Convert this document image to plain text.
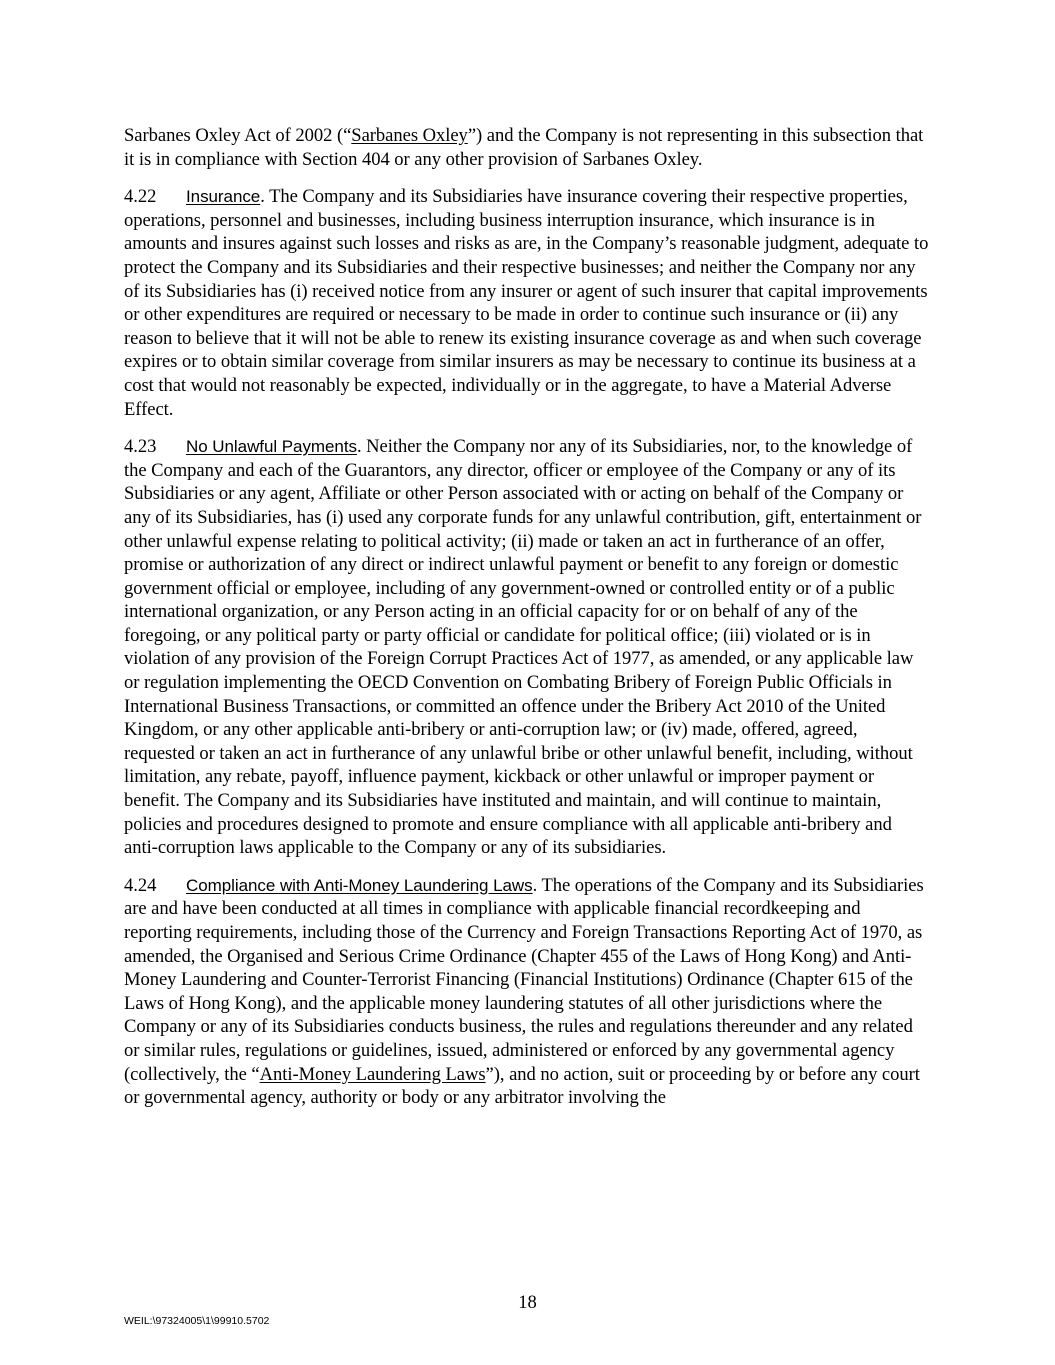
Sarbanes Oxley Act of 2002 (“Sarbanes Oxley”) and the Company is not representing in this subsection that it is in compliance with Section 404 or any other provision of Sarbanes Oxley.

4.22 Insurance. The Company and its Subsidiaries have insurance covering their respective properties, operations, personnel and businesses, including business interruption insurance, which insurance is in amounts and insures against such losses and risks as are, in the Company’s reasonable judgment, adequate to protect the Company and its Subsidiaries and their respective businesses; and neither the Company nor any of its Subsidiaries has (i) received notice from any insurer or agent of such insurer that capital improvements or other expenditures are required or necessary to be made in order to continue such insurance or (ii) any reason to believe that it will not be able to renew its existing insurance coverage as and when such coverage expires or to obtain similar coverage from similar insurers as may be necessary to continue its business at a cost that would not reasonably be expected, individually or in the aggregate, to have a Material Adverse Effect.

4.23 No Unlawful Payments. Neither the Company nor any of its Subsidiaries, nor, to the knowledge of the Company and each of the Guarantors, any director, officer or employee of the Company or any of its Subsidiaries or any agent, Affiliate or other Person associated with or acting on behalf of the Company or any of its Subsidiaries, has (i) used any corporate funds for any unlawful contribution, gift, entertainment or other unlawful expense relating to political activity; (ii) made or taken an act in furtherance of an offer, promise or authorization of any direct or indirect unlawful payment or benefit to any foreign or domestic government official or employee, including of any government-owned or controlled entity or of a public international organization, or any Person acting in an official capacity for or on behalf of any of the foregoing, or any political party or party official or candidate for political office; (iii) violated or is in violation of any provision of the Foreign Corrupt Practices Act of 1977, as amended, or any applicable law or regulation implementing the OECD Convention on Combating Bribery of Foreign Public Officials in International Business Transactions, or committed an offence under the Bribery Act 2010 of the United Kingdom, or any other applicable anti-bribery or anti-corruption law; or (iv) made, offered, agreed, requested or taken an act in furtherance of any unlawful bribe or other unlawful benefit, including, without limitation, any rebate, payoff, influence payment, kickback or other unlawful or improper payment or benefit. The Company and its Subsidiaries have instituted and maintain, and will continue to maintain, policies and procedures designed to promote and ensure compliance with all applicable anti-bribery and anti-corruption laws applicable to the Company or any of its subsidiaries.

4.24 Compliance with Anti-Money Laundering Laws. The operations of the Company and its Subsidiaries are and have been conducted at all times in compliance with applicable financial recordkeeping and reporting requirements, including those of the Currency and Foreign Transactions Reporting Act of 1970, as amended, the Organised and Serious Crime Ordinance (Chapter 455 of the Laws of Hong Kong) and Anti-Money Laundering and Counter-Terrorist Financing (Financial Institutions) Ordinance (Chapter 615 of the Laws of Hong Kong), and the applicable money laundering statutes of all other jurisdictions where the Company or any of its Subsidiaries conducts business, the rules and regulations thereunder and any related or similar rules, regulations or guidelines, issued, administered or enforced by any governmental agency (collectively, the “Anti-Money Laundering Laws”), and no action, suit or proceeding by or before any court or governmental agency, authority or body or any arbitrator involving the

18
WEIL:\97324005\1\99910.5702
